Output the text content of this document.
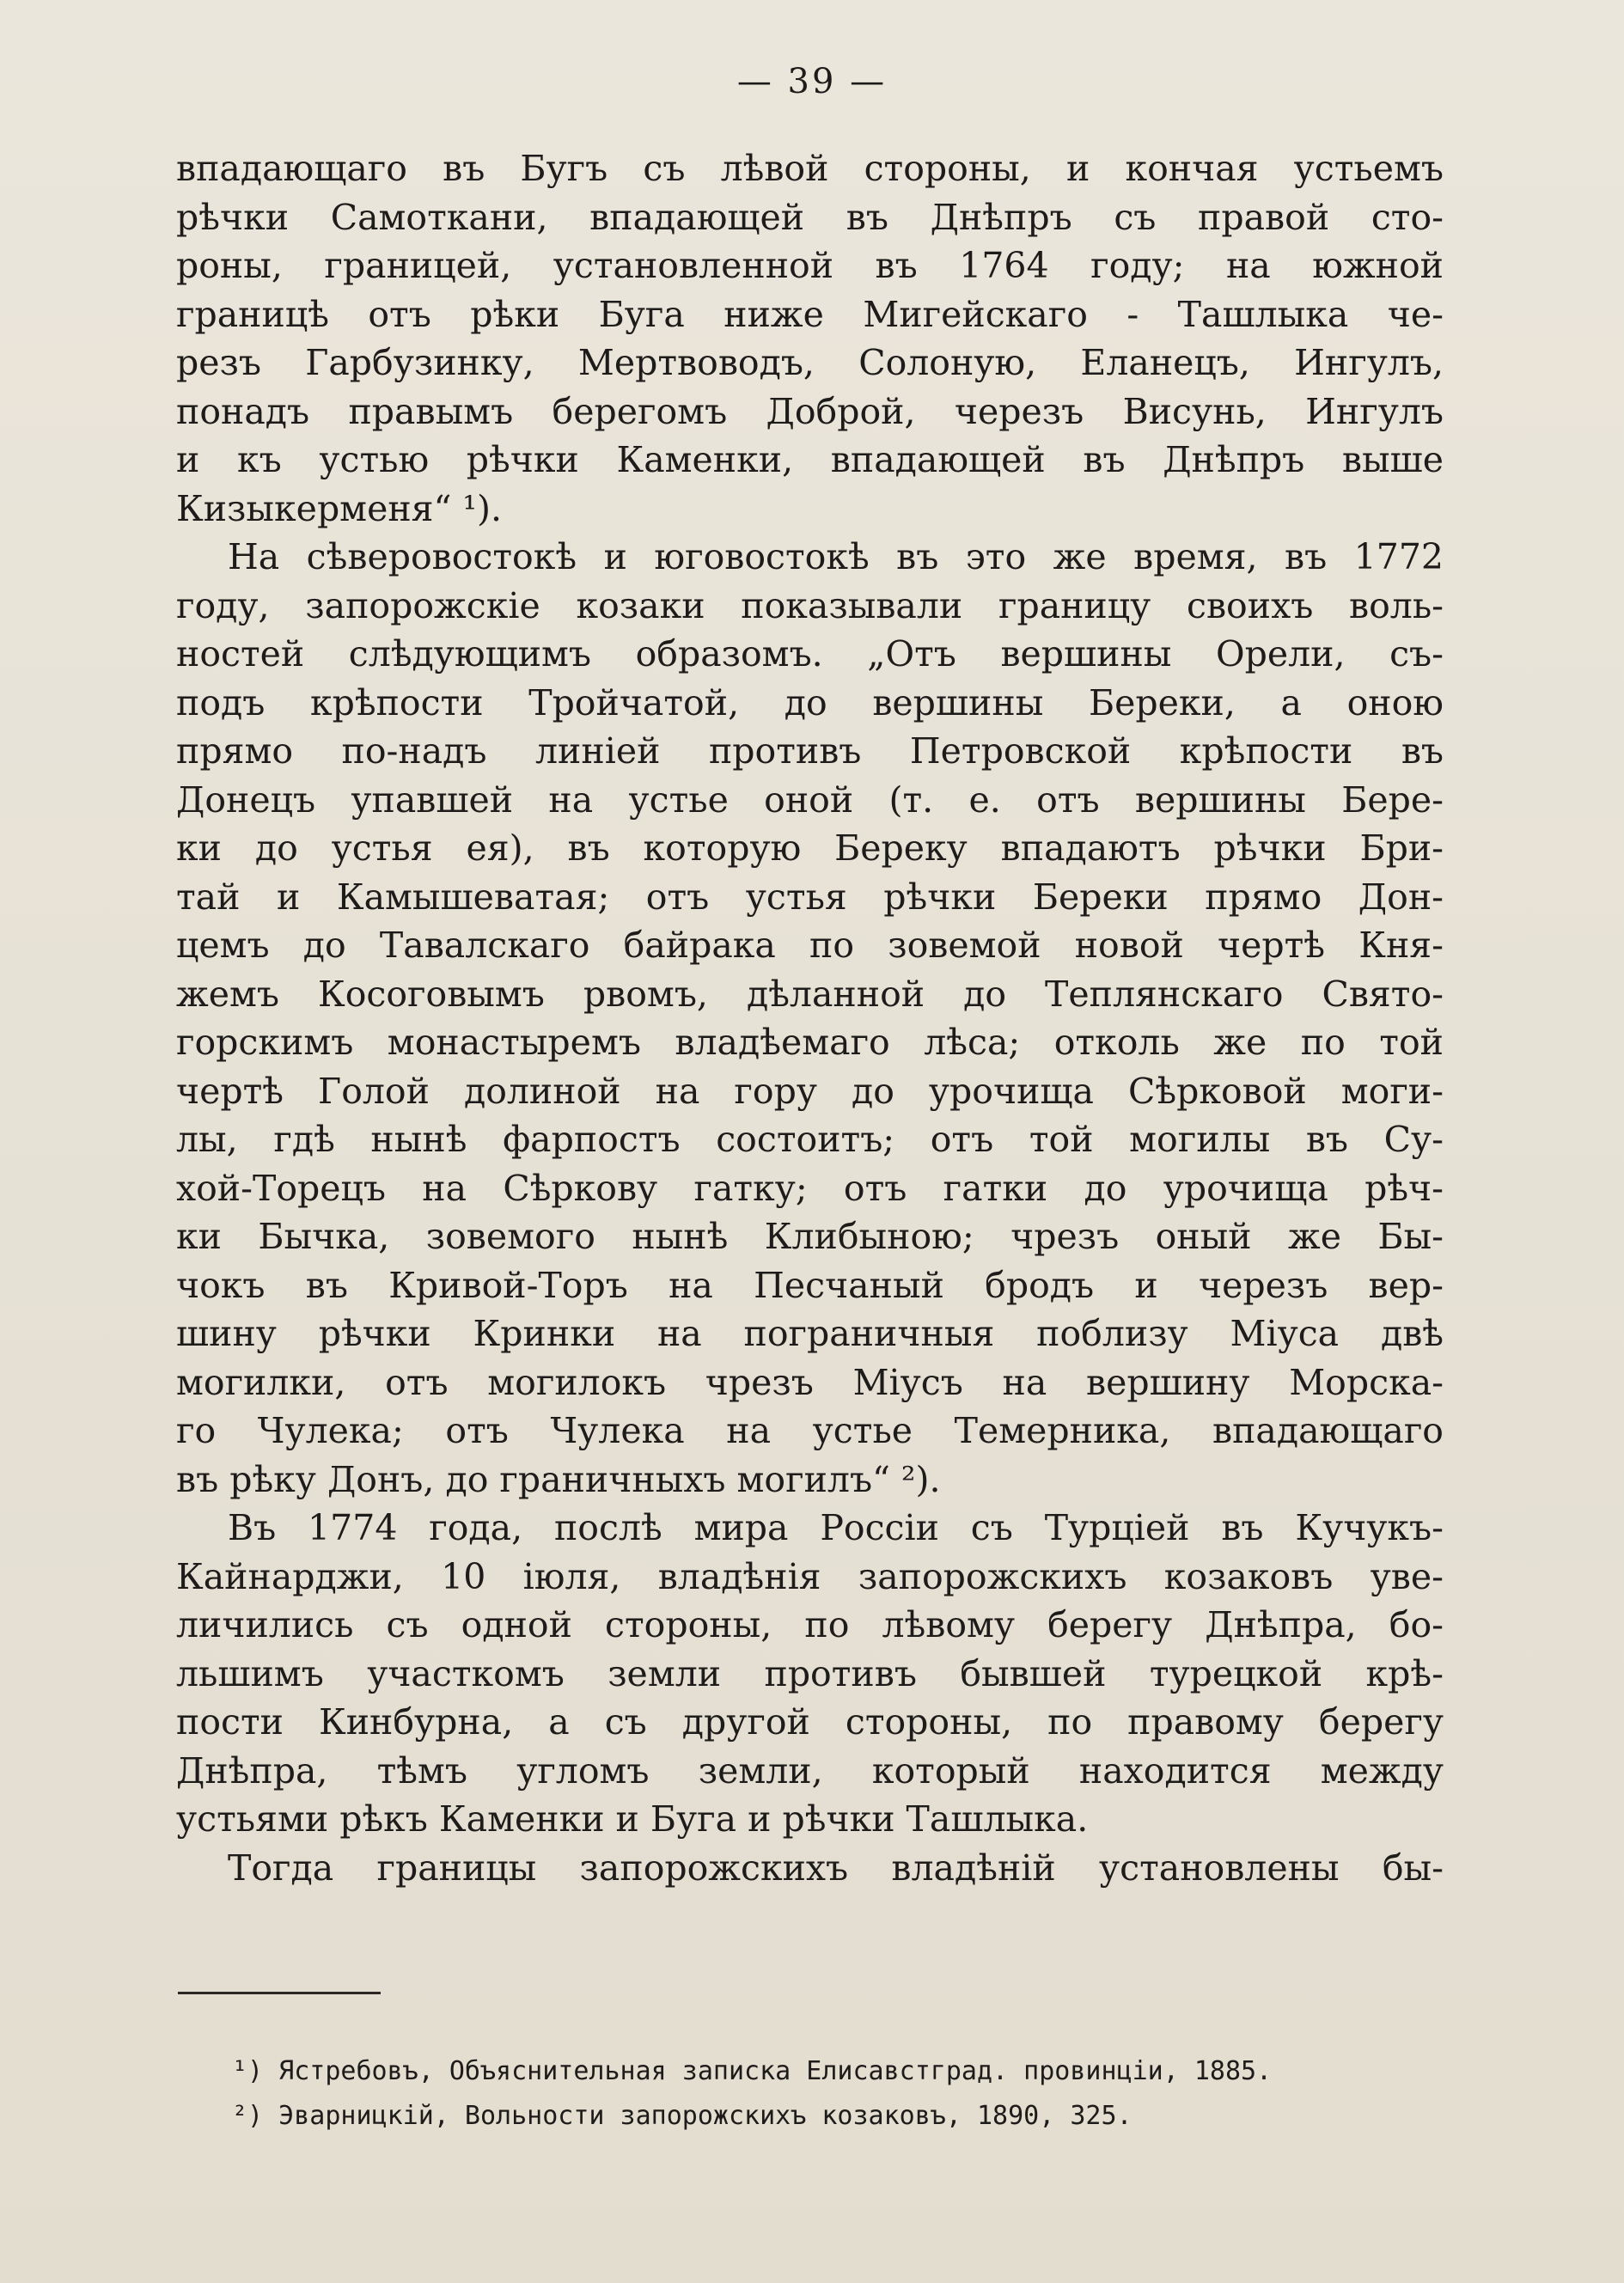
— 39 —
впадающаго въ Бугъ съ лѣвой стороны, и кончая устьемъ
рѣчки Самоткани, впадающей въ Днѣпръ съ правой сто-
роны, границей, установленной въ 1764 году; на южной
границѣ отъ рѣки Буга ниже Мигейскаго - Ташлыка че-
резъ Гарбузинку, Мертвоводъ, Солоную, Еланецъ, Ингулъ,
понадъ правымъ берегомъ Доброй, черезъ Висунь, Ингулъ
и къ устью рѣчки Каменки, впадающей въ Днѣпръ выше
Кизыкерменя“ ¹).
На сѣверовостокѣ и юговостокѣ въ это же время, въ 1772
году, запорожскіе козаки показывали границу своихъ воль-
ностей слѣдующимъ образомъ. „Отъ вершины Орели, съ-
подъ крѣпости Тройчатой, до вершины Береки, а оною
прямо по-надъ линіей противъ Петровской крѣпости въ
Донецъ упавшей на устье оной (т. е. отъ вершины Бере-
ки до устья ея), въ которую Береку впадаютъ рѣчки Бри-
тай и Камышеватая; отъ устья рѣчки Береки прямо Дон-
цемъ до Тавалскаго байрака по зовемой новой чертѣ Кня-
жемъ Косоговымъ рвомъ, дѣланной до Теплянскаго Свято-
горскимъ монастыремъ владѣемаго лѣса; отколь же по той
чертѣ Голой долиной на гору до урочища Сѣрковой моги-
лы, гдѣ нынѣ фарпостъ состоитъ; отъ той могилы въ Су-
хой-Торецъ на Сѣркову гатку; отъ гатки до урочища рѣч-
ки Бычка, зовемого нынѣ Клибыною; чрезъ оный же Бы-
чокъ въ Кривой-Торъ на Песчаный бродъ и черезъ вер-
шину рѣчки Кринки на пограничныя поблизу Міуса двѣ
могилки, отъ могилокъ чрезъ Міусъ на вершину Морска-
го Чулека; отъ Чулека на устье Темерника, впадающаго
въ рѣку Донъ, до граничныхъ могилъ“ ²).
Въ 1774 года, послѣ мира Россіи съ Турціей въ Кучукъ-
Кайнарджи, 10 іюля, владѣнія запорожскихъ козаковъ уве-
личились съ одной стороны, по лѣвому берегу Днѣпра, бо-
льшимъ участкомъ земли противъ бывшей турецкой крѣ-
пости Кинбурна, а съ другой стороны, по правому берегу
Днѣпра, тѣмъ угломъ земли, который находится между
устьями рѣкъ Каменки и Буга и рѣчки Ташлыка.
Тогда границы запорожскихъ владѣній установлены бы-
¹) Ястребовъ, Объяснительная записка Елисавстград. провинціи, 1885.
²) Эварницкій, Вольности запорожскихъ козаковъ, 1890, 325.
